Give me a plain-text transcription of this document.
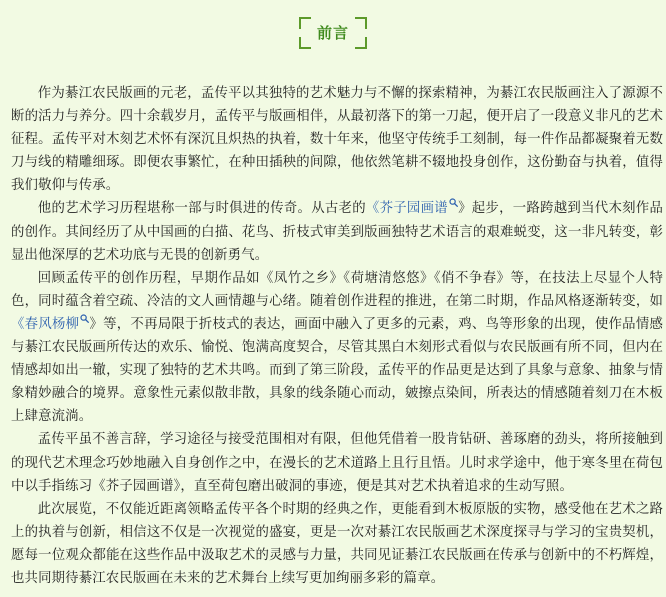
前言

作为綦江农民版画的元老，孟传平以其独特的艺术魅力与不懈的探索精神，为綦江农民版画注入了源源不断的活力与养分。四十余载岁月，孟传平与版画相伴，从最初落下的第一刀起，便开启了一段意义非凡的艺术征程。孟传平对木刻艺术怀有深沉且炽热的执着，数十年来，他坚守传统手工刻制，每一件作品都凝聚着无数刀与线的精雕细琢。即便农事繁忙，在种田插秧的间隙，他依然笔耕不辍地投身创作，这份勤奋与执着，值得我们敬仰与传承。

他的艺术学习历程堪称一部与时俱进的传奇。从古老的《芥子园画谱 》起步，一路跨越到当代木刻作品的创作。其间经历了从中国画的白描、花鸟、折枝式审美到版画独特艺术语言的艰难蜕变，这一非凡转变，彰显出他深厚的艺术功底与无畏的创新勇气。

回顾孟传平的创作历程，早期作品如《凤竹之乡》《荷塘清悠悠》《俏不争春》等，在技法上尽显个人特色，同时蕴含着空疏、冷洁的文人画情趣与心绪。随着创作进程的推进，在第二时期，作品风格逐渐转变，如《春风杨柳 》等，不再局限于折枝式的表达，画面中融入了更多的元素，鸡、鸟等形象的出现，使作品情感与綦江农民版画所传达的欢乐、愉悦、饱满高度契合，尽管其黑白木刻形式看似与农民版画有所不同，但内在情感却如出一辙，实现了独特的艺术共鸣。而到了第三阶段，孟传平的作品更是达到了具象与意象、抽象与情象精妙融合的境界。意象性元素似散非散，具象的线条随心而动，皴擦点染间，所表达的情感随着刻刀在木板上肆意流淌。

孟传平虽不善言辞，学习途径与接受范围相对有限，但他凭借着一股肯钻研、善琢磨的劲头，将所接触到的现代艺术理念巧妙地融入自身创作之中，在漫长的艺术道路上且行且悟。儿时求学途中，他于寒冬里在荷包中以手指练习《芥子园画谱》，直至荷包磨出破洞的事迹，便是其对艺术执着追求的生动写照。

此次展览，不仅能近距离领略孟传平各个时期的经典之作，更能看到木板原版的实物，感受他在艺术之路上的执着与创新，相信这不仅是一次视觉的盛宴，更是一次对綦江农民版画艺术深度探寻与学习的宝贵契机，愿每一位观众都能在这些作品中汲取艺术的灵感与力量，共同见证綦江农民版画在传承与创新中的不朽辉煌，也共同期待綦江农民版画在未来的艺术舞台上续写更加绚丽多彩的篇章。
